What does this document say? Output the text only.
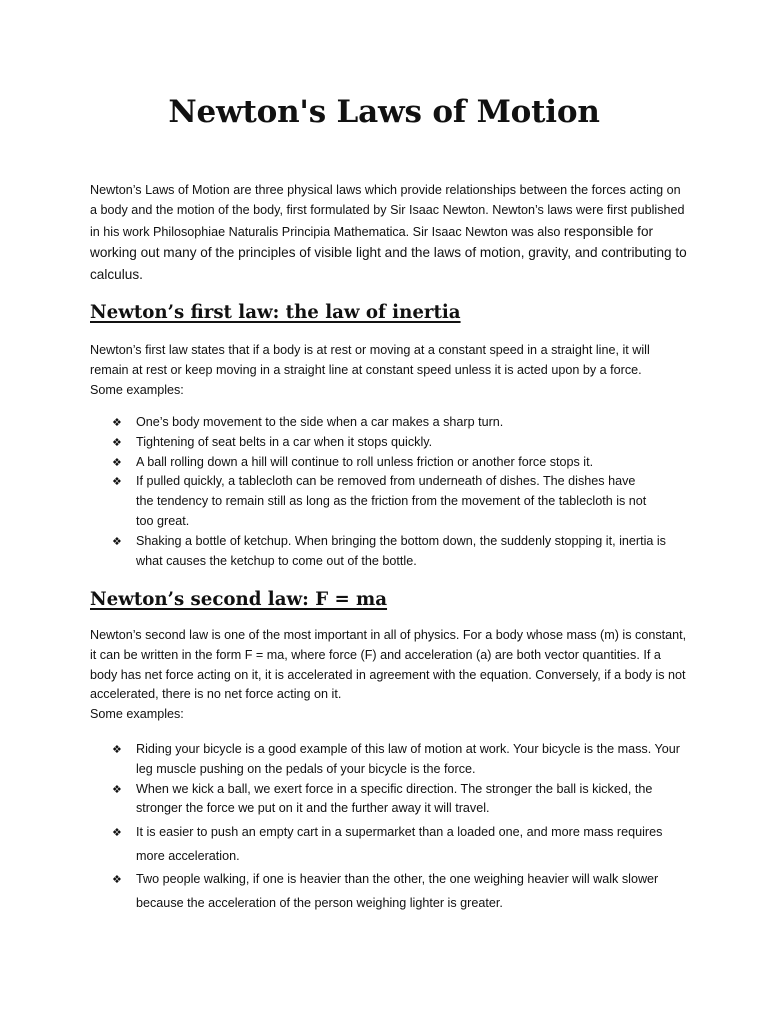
Newton's Laws of Motion
Newton’s Laws of Motion are three physical laws which provide relationships between the forces acting on a body and the motion of the body, first formulated by Sir Isaac Newton. Newton’s laws were first published in his work Philosophiae Naturalis Principia Mathematica. Sir Isaac Newton was also responsible for working out many of the principles of visible light and the laws of motion, gravity, and contributing to calculus.
Newton’s first law: the law of inertia
Newton’s first law states that if a body is at rest or moving at a constant speed in a straight line, it will remain at rest or keep moving in a straight line at constant speed unless it is acted upon by a force.
Some examples:
❖ One’s body movement to the side when a car makes a sharp turn.
❖ Tightening of seat belts in a car when it stops quickly.
❖ A ball rolling down a hill will continue to roll unless friction or another force stops it.
❖ If pulled quickly, a tablecloth can be removed from underneath of dishes. The dishes have the tendency to remain still as long as the friction from the movement of the tablecloth is not too great.
❖ Shaking a bottle of ketchup. When bringing the bottom down, the suddenly stopping it, inertia is what causes the ketchup to come out of the bottle.
Newton’s second law: F = ma
Newton’s second law is one of the most important in all of physics. For a body whose mass (m) is constant, it can be written in the form F = ma, where force (F) and acceleration (a) are both vector quantities. If a body has net force acting on it, it is accelerated in agreement with the equation. Conversely, if a body is not accelerated, there is no net force acting on it.
Some examples:
❖ Riding your bicycle is a good example of this law of motion at work. Your bicycle is the mass. Your leg muscle pushing on the pedals of your bicycle is the force.
❖ When we kick a ball, we exert force in a specific direction. The stronger the ball is kicked, the stronger the force we put on it and the further away it will travel.
❖ It is easier to push an empty cart in a supermarket than a loaded one, and more mass requires more acceleration.
❖ Two people walking, if one is heavier than the other, the one weighing heavier will walk slower because the acceleration of the person weighing lighter is greater.
